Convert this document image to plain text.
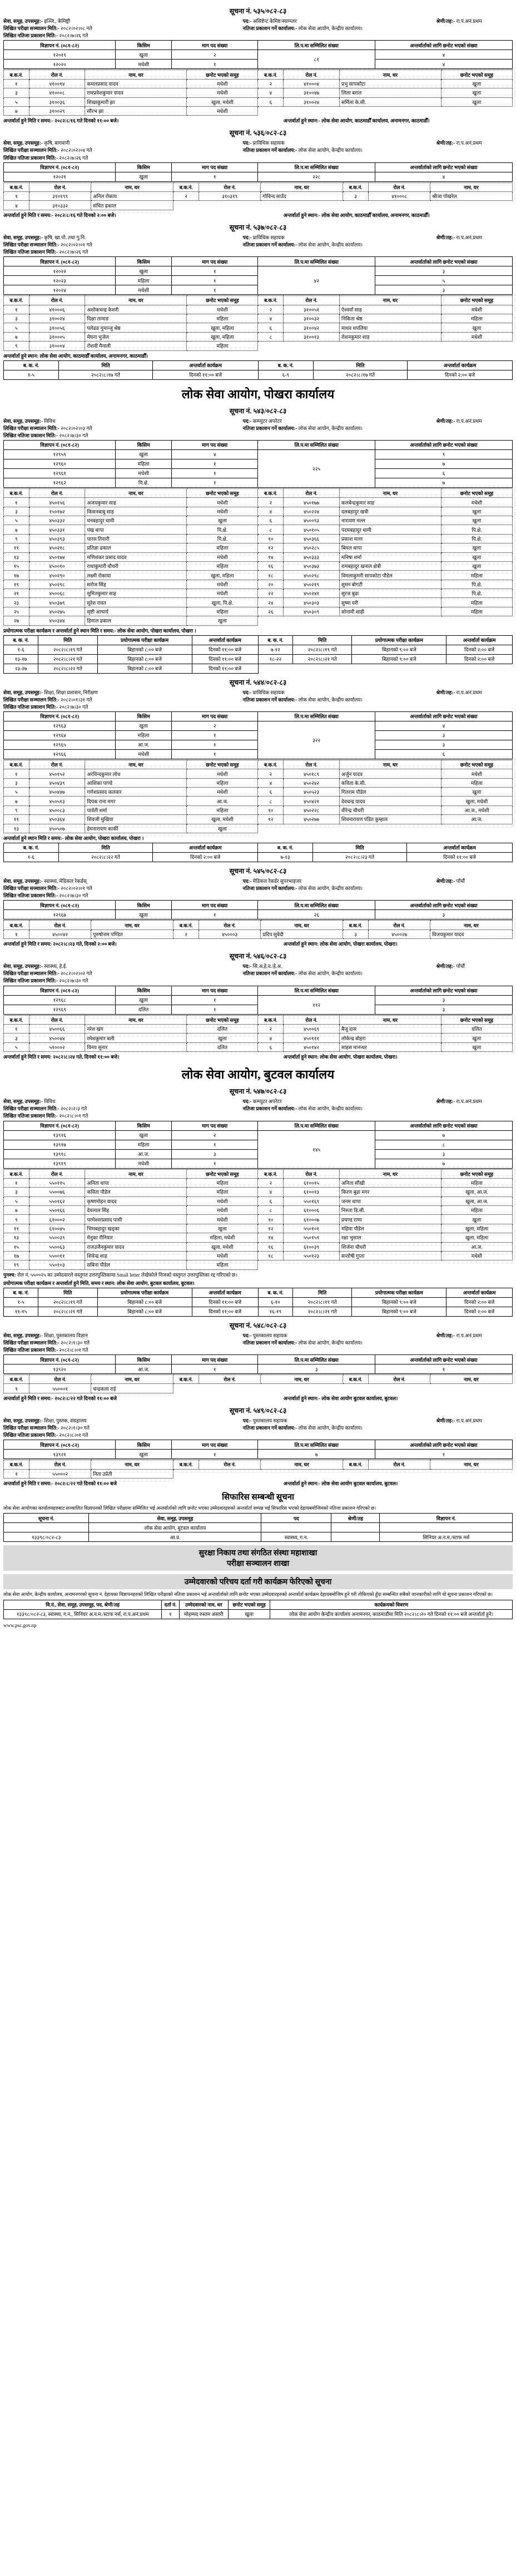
सूचना नं. ५३५/०८२-८३
सेवा, समूह, उपसमूह:- इञ्जि., केमिष्ट्री	पद:- असिष्टेन्ट केमिष्ट/स्याम्प्लर	श्रेणी/तह:- रा.प.अनं.प्रथम
लिखित परीक्षा सञ्चालन मिति:- २०८२।०२।०८ गते	नतिजा प्रकाशन गर्ने कार्यालय:- लोक सेवा आयोग, केन्द्रीय कार्यालय।
लिखित नतिजा प्रकाशन मिति:- २०८२।७।२६ गते
विज्ञापन नं. (०८१-८२)	किसिम	माग पद संख्या	लि.प.मा सम्मिलित संख्या	अन्तर्वार्ताको लागि छनोट भएको संख्या
१२०१९	खुला	२	८१	४
१२०२०	मधेशी	१		४
ब.क.नं.	रोल नं.	नाम, थर	छनोट भएको समूह	ब.क.नं.	रोल नं.	नाम, थर	छनोट भएको समूह
१	४१००१४	कमलप्रसाद यादव	मधेशी	२	४१०००४	प्रभु सापकोटा	खुला
३	४१०००८	रामप्रवेशकुमार यादव	मधेशी	४	३१००४७	लिला बराल	खुला
५	३१००३६	शिखाकुमारी झा	खुला, मधेशी	६	३१००२४	सर्मिला के.सी.	खुला
७	३१००२९	सौरभ झा	मधेशी				
अन्तर्वार्ता हुने मिति र समय:- २०८२/८/१६ गते दिनको ११:०० बजे।	अन्तर्वार्ता हुने स्थान:- लोक सेवा आयोग, काठमाडौँ कार्यालय, अनामनगर, काठमाडौँ।
सूचना नं. ५३६/०८२-८३
सेवा, समूह, उपसमूह:- कृषि, बागवानी	पद:- प्राविधिक सहायक	श्रेणी/तह:- रा.प.अनं.प्रथम
लिखित परीक्षा सञ्चालन मिति:- २०८२।०२।०४ गते	नतिजा प्रकाशन गर्ने कार्यालय:- लोक सेवा आयोग, केन्द्रीय कार्यालय।
लिखित नतिजा प्रकाशन मिति:- २०८२।७।२६ गते
विज्ञापन नं. (०८१-८२)	किसिम	माग पद संख्या	लि.प.मा सम्मिलित संख्या	अन्तर्वार्ताको लागि छनोट भएको संख्या
१२०२१	खुला	१	२२८	४
ब.क.नं.	रोल नं.	नाम, थर	ब.क.नं.	रोल नं.	नाम, थर	ब.क.नं.	रोल नं.	नाम, थर
१	३१०१९९	अनिल रोकाय	२	३१०३१९	गोविन्द साउँद	३	४१०००८	श्रीजा पोखरेल
४	३१०३३२	संचित ढकाल						
अन्तर्वार्ता हुने मिति र समय:- २०८२/८/१६ गते दिनको २:०० बजे।	अन्तर्वार्ता हुने स्थान:- लोक सेवा आयोग, काठमाडौँ कार्यालय, अनामनगर, काठमाडौँ।
सूचना नं. ५३७/०८२-८३
सेवा, समूह, उपसमूह:- कृषि, खा.पो. तथा गु.नि.	पद:- प्राविधिक सहायक	श्रेणी/तह:- रा.प.अनं.प्रथम
लिखित परीक्षा सञ्चालन मिति:- २०८२।०२।०१ गते	नतिजा प्रकाशन गर्ने कार्यालय:- लोक सेवा आयोग, केन्द्रीय कार्यालय।
लिखित नतिजा प्रकाशन मिति:- २०८२।७।२६ गते
विज्ञापन नं. (०८१-८२)	किसिम	माग पद संख्या	लि.प.मा सम्मिलित संख्या	अन्तर्वार्ताको लागि छनोट भएको संख्या
१२०२२	खुला	१	४२	३
१२०२३	महिला	१		५
१२०२४	मधेशी	१		३
ब.क.नं.	रोल नं.	नाम, थर	छनोट भएको समूह	ब.क.नं.	रोल नं.	नाम, थर	छनोट भएको समूह
१	४१०००६	अशोकचन्द्र केशरी	मधेशी	२	३१००५१	ऐश्वर्या साह	मधेशी
३	३१००२४	दिक्षा तामाङ	महिला	४	३१००३२	निकिता श्रेष्ठ	महिला
५	३१००५६	पलेढङ गुमान्जु श्रेष्ठ	खुला, महिला	६	३१००४२	माधव थपलिया	खुला
७	३१०००५	मेघना भुजेल	खुला, महिला	८	३१००१३	रोशनकुमार शाह	मधेशी
९	३१०००४	रोशनी मैनाली	महिला				
अन्तर्वार्ता हुने स्थान: लोक सेवा आयोग, काठमाडौँ कार्यालय, अनामनगर, काठमाडौँ।
ब. क. नं.	मिति	अन्तर्वार्ता कार्यक्रम	ब. क. नं.	मिति	अन्तर्वार्ता कार्यक्रम
१-५	२०८२।८।१७ गते	दिनको ११:०० बजे	६-९	२०८२।८।१७ गते	दिनको २:०० बजे
लोक सेवा आयोग, पोखरा कार्यालय
सूचना नं. ५४३/०८२-८३
सेवा, समूह, उपसमूह:- विविध	पद:- कम्प्युटर अपरेटर	श्रेणी/तह:- रा.प.अनं.प्रथम
लिखित परीक्षा सञ्चालन मिति:- २०८२।०२।०३ गते	नतिजा प्रकाशन गर्ने कार्यालय:- लोक सेवा आयोग, केन्द्रीय कार्यालय।
लिखित नतिजा प्रकाशन मिति:- २०८२।७।३० गते
विज्ञापन नं. (०८१-८२)	किसिम	माग पद संख्या	लि.प.मा सम्मिलित संख्या	अन्तर्वार्ताको लागि छनोट भएको संख्या
१२९५९	खुला	४	२२५	९
१२९६०	महिला	१		७
१२९६१	मधेशी	१		६
१२९६२	पि.क्षे.	१		७
ब.क.नं.	रोल नं.	नाम, थर	छनोट भएको समूह	ब.क.नं.	रोल नं.	नाम, थर	छनोट भएको समूह
१	४५०१५६	अजयकुमार साह	मधेशी	२	४५०१७७	कलबेन्द्रकुमार साह	मधेशी
३	१५०१७२	किसनबाबु साह	मधेशी	४	४५०२२४	दलबहादुर खत्री	खुला
५	४५०३३२	धनबहादुर धामी	खुला	६	४५००९३	नारायण मल्ल	खुला
७	४५०३३१	पंख थापा	पि.क्षे.	८	४५०१०५	पदमबहादुर धामी	पि.क्षे.
९	४५०३९३	पारस तिवारी	पि.क्षे.	१०	४५०३६६	प्रकाश मल्ल	पि.क्षे.
११	४५०२१८	प्रतिज्ञा ढकाल	महिला	१२	४५०२८५	बिमल थापा	खुला
१३	४५०१७४	मणिशंकर प्रसाद यादव	मधेशी	१४	४५०३३३	मनिषा शर्मा	खुला
१५	४५००१०	राधाकुमारी चौधरी	महिला	१६	४५०३७३	रामबहादुर खनाल क्षेत्री	खुला
१७	४५०२९०	लक्ष्मी रोकाया	खुला, महिला	१८	४५०२९८	विमलाकुमरी सापकोटा पौडेल	महिला
१९	४५०२९८	सरोज सिंह	मधेशी	२०	४५०२१९	सुमन बोगटी	पि.क्षे.
२१	४५००६८	सुमितकुमार साह	मधेशी	२२	४५०२४१	सुरज बुढा	पि.क्षे.
२३	४५०३७९	सुरेश रावत	खुला, पि.क्षे.	२४	४५०३०३	सुष्मा यरी	महिला
२५	४५०२७५	सृष्टी आचार्य	महिला	२६	४५०३०९	सोनामी शाही	महिला
२७	४५०३४४	हिमाल ढकाल	खुला				
प्रयोगात्मक परीक्षा कार्यक्रम र अन्तर्वार्ता हुने स्थान मिति र समय:- लोक सेवा आयोग, पोखरा कार्यालय, पोखरा ।
ब. क. नं.	मिति	प्रयोगात्मक परीक्षा कार्यक्रम	अन्तर्वार्ता कार्यक्रम	ब. क. नं.	मिति	प्रयोगात्मक परीक्षा कार्यक्रम	अन्तर्वार्ता कार्यक्रम
१-६	२०८२।८।१९ गते	बिहानको ८:०० बजे	दिनको ११:०० बजे	७-१२	२०८२।८।१९ गते	बिहानको ९:०० बजे	दिनको २:०० बजे
१३-१७	२०८२।८।२१ गते	बिहानको ८:०० बजे	दिनको ११:०० बजे	१८-२२	२०८२।८।२१ गते	बिहानको ९:०० बजे	दिनको २:०० बजे
२३-२७	२०८२।८।२२ गते	बिहानको ८:०० बजे	दिनको ११:०० बजे				
सूचना नं. ५४४/०८२-८३
सेवा, समूह, उपसमूह:- शिक्षा, शिक्षा प्रशासन, निरीक्षण	पद:- प्राविधिक सहायक	श्रेणी/तह:- रा.प.अनं.प्रथम
लिखित परीक्षा सञ्चालन मिति:- २०८२।०१।३१ गते	नतिजा प्रकाशन गर्ने कार्यालय:- लोक सेवा आयोग, केन्द्रीय कार्यालय।
लिखित नतिजा प्रकाशन मिति:- २०८२।७।३० गते
विज्ञापन नं. (०८१-८२)	किसिम	माग पद संख्या	लि.प.मा सम्मिलित संख्या	अन्तर्वार्ताको लागि छनोट भएको संख्या
१२९६३	खुला	२	३२२	४
१२९६४	महिला	१		३
१२९६५	आ.ज.	१		३
१२९६६	मधेशी	१		६
ब.क.नं.	रोल नं.	नाम, थर	छनोट भएको समूह	ब.क.नं.	रोल नं.	नाम, थर	छनोट भएको समूह
१	४५०१५२	अरविन्दकुमार लोध	मधेशी	२	४५०१८९	अर्जुन यादव	मधेशी
३	४५०४३९	आशिका पाण्डे	महिला	४	४५०२४२	कविता के.सी.	महिला
५	४५०४४७	गणेशप्रसाद कलवार	मधेशी	६	४५०५२३	गितराम पौडेल	खुला
७	४५०५१३	दिपक राना मगर	आ.ज.	८	४५०४२१	देवचन्द्र यादव	खुला, मधेशी
९	४५००८३	पार्वती शर्मा	महिला	१०	४५०२२८	वीरेन्द्र चौधरी	आ.ज., मधेशी
११	४५०३६४	शिवजी मुखिया	खुला, मधेशी	१२	४५०२७७	शिवनारायण पंडित कुम्हाल	आ.ज.
१३	४५०५०७	हेमनारायण कार्की	खुला				
अन्तर्वार्ता हुने स्थान मिति र समय:- लोक सेवा आयोग, पोखरा कार्यालय, पोखरा ।
ब. क. नं.	मिति	अन्तर्वार्ता कार्यक्रम	ब. क. नं.	मिति	अन्तर्वार्ता कार्यक्रम
१-६	२०८२।८।२२ गते	दिनको २:०० बजे	७-१३	२०८२।८।२३ गते	दिनको ११:०० बजे
सूचना नं. ५४५/०८२-८३
सेवा, समूह, उपसमूह:- स्वास्थ्य, मेडिकल रेकर्डस्	पद:- मेडिकल रेकर्डर सुपरभाइजर	श्रेणी/तह:- पाँचौं
लिखित परीक्षा सञ्चालन मिति:- २०८२।०२।०१ गते	नतिजा प्रकाशन गर्ने कार्यालय:- लोक सेवा आयोग, केन्द्रीय कार्यालय।
लिखित नतिजा प्रकाशन मिति:- २०८२।७।३० गते
विज्ञापन नं. (०८१-८२)	किसिम	माग पद संख्या	लि.प.मा सम्मिलित संख्या	अन्तर्वार्ताको लागि छनोट भएको संख्या
१२९६७	खुला	१	२६	३
ब.क.नं.	रोल नं.	नाम, थर	ब.क.नं.	रोल नं.	नाम, थर	ब.क.नं.	रोल नं.	नाम, थर
१	४५००४२	पुरुषोत्तम पण्डित	२	४५०००३	प्रदिप सुवेदी	३	४५००२७	विजयकुमार यादव
अन्तर्वार्ता हुने मिति र समय: २०८२।८।२३ गते, दिनको २:०० बजे।	अन्तर्वार्ता हुने स्थान: लोक सेवा आयोग, पोखरा कार्यालय, पोखरा।
सूचना नं. ५४६/०८२-८३
सेवा, समूह, उपसमूह:- स्वास्थ्य, हे.ई.	पद:- सि.अ.हे.व./हे.अ.	श्रेणी/तह:- पाँचौं
लिखित परीक्षा सञ्चालन मिति:- २०८२।०२।०२ गते	नतिजा प्रकाशन गर्ने कार्यालय:- लोक सेवा आयोग, केन्द्रीय कार्यालय।
लिखित नतिजा प्रकाशन मिति:- २०८२।७।३० गते
विज्ञापन नं. (०८१-८२)	किसिम	माग पद संख्या	लि.प.मा सम्मिलित संख्या	अन्तर्वार्ताको लागि छनोट भएको संख्या
१२९६८	खुला	१	११२	३
१२९६९	दलित	१		३
ब.क.नं.	रोल नं.	नाम, थर	छनोट भएको समूह	ब.क.नं.	रोल नं.	नाम, थर	छनोट भएको समूह
१	४५००६६	नरेश खंग	दलित	२	४५००६९	बैजु दास	दलित
३	४५००४४	रमेशकुमार बली	खुला	४	४५०१११	लोकेन्द्र बोहरा	खुला
५	५१०००२	विनय सुनार	दलित	६	४५०१४२	साहस मानन्धर	खुला
अन्तर्वार्ता हुने मिति र समय: २०८२।८।२४ गते, दिनको ११:०० बजे।	अन्तर्वार्ता हुने स्थान: लोक सेवा आयोग, पोखरा कार्यालय, पोखरा।
लोक सेवा आयोग, बुटवल कार्यालय
सूचना नं. ५४७/०८२-८३
सेवा, समूह, उपसमूह:- विविध	पद:- कम्प्युटर अपरेटर	श्रेणी/तह:- रा.प.अनं.प्रथम
लिखित परीक्षा सञ्चालन मिति:- २०८२।२।३ गते	नतिजा प्रकाशन गर्ने कार्यालय:- लोक सेवा आयोग, केन्द्रीय कार्यालय।
लिखित नतिजा प्रकाशन मिति:- २०८२।८।०१ गते
विज्ञापन नं. (०८१-८२)	किसिम	माग पद संख्या	लि.प.मा सम्मिलित संख्या	अन्तर्वार्ताको लागि छनोट भएको संख्या
१३९१६	खुला	२	१४५	७
१३९१७	महिला	१		८
१३९१८	आ.ज.	३		३
१३९१९	मधेशी	१		७
ब.क.नं.	रोल नं.	नाम, थर	छनोट भएको समूह	ब.क.नं.	रोल नं.	नाम, थर	छनोट भएको समूह
१	५५०११५	अनिता थापा	महिला	२	६१००१५	अनिता सौंखी	महिला
३	५५००७६	कविता पौडेल	महिला	४	६१००१३	किरण बुढा मगर	खुला, आ.ज.
५	५५०१६२	कृष्णमोहन यादव	मधेशी	६	५५०१६९	जनम थापा	खुला, आ.ज.
७	५५०१६६	देवलाल सिंह	मधेशी	८	६१०००६	निरुता डि.सी.	महिला
९	६१०००२	परमेश्वरप्रसाद पासी	मधेशी	१०	६१०००७	प्रचण्ड राणा	खुला
११	६१००४५	भिमबहादुर खड्का	खुला	१२	५५०१०१	महिमा पौडेल	खुला, महिला
१३	५५००३९	मेनुका रौनियार	महिला, मधेशी	१४	५५०१५९	रक्षा भुसाल	खुला, महिला
१५	५५००६३	राजउजैनकुमार यादव	खुला, मधेशी	१६	६१००३९	शिर्जना चौधरी	आ.ज.
१७	५५००११	शिवेन्द्र शाह	मधेशी	१८	५५०१२३	सन्तोषी गुप्ता	मधेशी
१९	५५०१०३	सबिना पौडेल	महिला				
पुनश्च: रोल नं. ५५००२५ का उम्मेदवारले वस्तुगत उत्तरपुस्तिकामा Small letter लेखेकोले निजको वस्तुगत उत्तरपुस्तिका रद्द गरिएको छ।
प्रयोगात्मक परीक्षा कार्यक्रम र अन्तर्वार्ता हुने मिति, समय र स्थान: लोक सेवा आयोग, बुटवल कार्यालय, बुटवल।
ब. क. नं.	मिति	प्रयोगात्मक परीक्षा कार्यक्रम	अन्तर्वार्ता कार्यक्रम	ब. क. नं.	मिति	प्रयोगात्मक परीक्षा कार्यक्रम	अन्तर्वार्ता कार्यक्रम
१-५	२०८२।८।१९ गते	बिहानको ८:०० बजे	दिनको ११:०० बजे	६-१०	२०८२।८।१९ गते	बिहानको ९:०० बजे	दिनको २:०० बजे
११-१५	२०८२।८।२१ गते	बिहानको ८:०० बजे	दिनको ११:०० बजे	१६-१९	२०८२।८।२१ गते	बिहानको ९:०० बजे	दिनको २:०० बजे
सूचना नं. ५४८/०८२-८३
सेवा, समूह, उपसमूह:- शिक्षा, पुस्तकालय विज्ञान	पद:- पुस्तकालय सहायक	श्रेणी/तह:- रा.प.अनं.प्रथम
लिखित परीक्षा सञ्चालन मिति:- २०८२।१।३० गते	नतिजा प्रकाशन गर्ने कार्यालय:- लोक सेवा आयोग, केन्द्रीय कार्यालय।
लिखित नतिजा प्रकाशन मिति:- २०८२।८।०१ गते
विज्ञापन नं. (०८१-८२)	किसिम	माग पद संख्या	लि.प.मा सम्मिलित संख्या	अन्तर्वार्ताको लागि छनोट भएको संख्या
१३९२०	आ.ज.	१	३	१
ब.क.नं.	रोल नं.	नाम, थर	ब.क.नं.	रोल नं.	नाम, थर	ब.क.नं.	रोल नं.	नाम, थर
१	५५०००१	चन्द्रकला राई						
अन्तर्वार्ता हुने मिति र समय:- २०८२/८/२२ गते दिनको ११:०० बजे	अन्तर्वार्ता हुने स्थान:- लोक सेवा आयोग बुटवल कार्यालय, बुटवल।
सूचना नं. ५४९/०८२-८३
सेवा, समूह, उपसमूह:- शिक्षा, पुस्तक, संग्रहालय	पद:- पुस्तकालय सहायक	श्रेणी/तह:- रा.प.अनं.प्रथम
लिखित परीक्षा सञ्चालन मिति:- २०८२।१।३० गते	नतिजा प्रकाशन गर्ने कार्यालय:- लोक सेवा आयोग, केन्द्रीय कार्यालय।
लिखित नतिजा प्रकाशन मिति:- २०८२।८।०१ गते
विज्ञापन नं. (०८१-८२)	किसिम	माग पद संख्या	लि.प.मा सम्मिलित संख्या	अन्तर्वार्ताको लागि छनोट भएको संख्या
१३९२१	खुला	१	७	१
ब.क.नं.	रोल नं.	नाम, थर	ब.क.नं.	रोल नं.	नाम, थर	ब.क.नं.	रोल नं.	नाम, थर
१	५५०००२	निता उप्रेती						
अन्तर्वार्ता हुने मिति र समय:- २०८२/८/२२ गते दिनको ११:०० बजे	अन्तर्वार्ता हुने स्थान:- लोक सेवा आयोग बुटवल कार्यालय, बुटवल।
सिफारिस सम्बन्धी सूचना
लोक सेवा आयोगका कार्यालयहरुबाट सञ्चालित विज्ञापनको लिखित परीक्षामा सम्मिलित भई अन्तर्वार्ताको लागि छनोट भएका उम्मेदवारहरुको अन्तर्वार्ता सम्पन्न भई सिफारिस भएको देहायबमोजिमको नतिजा प्रकाशन गरिएको छ।
सूचना नं.	सेवा, समूह, उपसमूह	पद	श्रेणी/तह	विज्ञापन नं.
	लोक सेवा आयोग, बुटवल कार्यालय			
१३३९८/०८२-८३	आ.प्र.	स्वास्थ्य, ग.न.		सिनियर अ.न.म./स्टाफ नर्स
सुरक्षा निकाय तथा संगठित संस्था महाशाखा
परीक्षा सञ्चालन शाखा
उम्मेदवारको परिचय दर्ता गरी कार्यक्रम फेरिएको सूचना
लोक सेवा आयोग, केन्द्रीय कार्यालय, अनामनगरको सूचना नं. देहायका विज्ञापनहरुको लिखित परीक्षाको नतिजा प्रकाशन भई अन्तर्वार्ताको लागि छनोट भएका उम्मेदवारहरुको अन्तर्वार्ता कार्यक्रम देहायबमोजिम हुने गरी तोकिएको हुँदा सम्बन्धित सबैको जानकारीको लागि यो सूचना प्रकाशन गरिएको छ।
वि.नं., सेवा, समूह, उपसमूह, पद, श्रेणी/तह	दर्ता नं.	उम्मेदवारको नाम, थर	छनोट भएको समूह	कार्यक्रमको विवरण
१३३९८/०८२-८३, स्वास्थ्य, ग.न., सिनियर अ.न.म./स्टाफ नर्स, रा.प.अनं.प्रथम	१	मोहम्मद रुस्तम अंसारी	खुला	लोक सेवा आयोग केन्द्रीय कार्यालय अनामनगर, काठमाडौंमा मिति २०८२।८।२० गते दिनको ११:०० बजे अन्तर्वार्ता हुने।
www.psc.gov.np
